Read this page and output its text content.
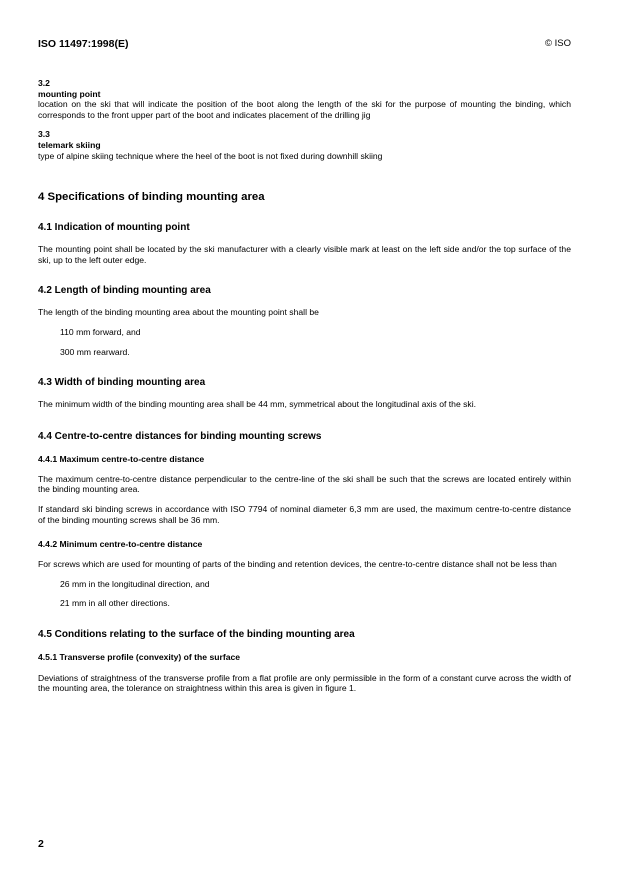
ISO 11497:1998(E)	© ISO

3.2

mounting point

location on the ski that will indicate the position of the boot along the length of the ski for the purpose of mounting the binding, which corresponds to the front upper part of the boot and indicates placement of the drilling jig

3.3

telemark skiing

type of alpine skiing technique where the heel of the boot is not fixed during downhill skiing

4 Specifications of binding mounting area

4.1 Indication of mounting point

The mounting point shall be located by the ski manufacturer with a clearly visible mark at least on the left side and/or the top surface of the ski, up to the left outer edge.

4.2 Length of binding mounting area

The length of the binding mounting area about the mounting point shall be

110 mm forward, and

300 mm rearward.

4.3 Width of binding mounting area

The minimum width of the binding mounting area shall be 44 mm, symmetrical about the longitudinal axis of the ski.

4.4 Centre-to-centre distances for binding mounting screws

4.4.1 Maximum centre-to-centre distance

The maximum centre-to-centre distance perpendicular to the centre-line of the ski shall be such that the screws are located entirely within the binding mounting area.

If standard ski binding screws in accordance with ISO 7794 of nominal diameter 6,3 mm are used, the maximum centre-to-centre distance of the binding mounting screws shall be 36 mm.

4.4.2 Minimum centre-to-centre distance

For screws which are used for mounting of parts of the binding and retention devices, the centre-to-centre distance shall not be less than

26 mm in the longitudinal direction, and

21 mm in all other directions.

4.5 Conditions relating to the surface of the binding mounting area

4.5.1 Transverse profile (convexity) of the surface

Deviations of straightness of the transverse profile from a flat profile are only permissible in the form of a constant curve across the width of the mounting area, the tolerance on straightness within this area is given in figure 1.

2
